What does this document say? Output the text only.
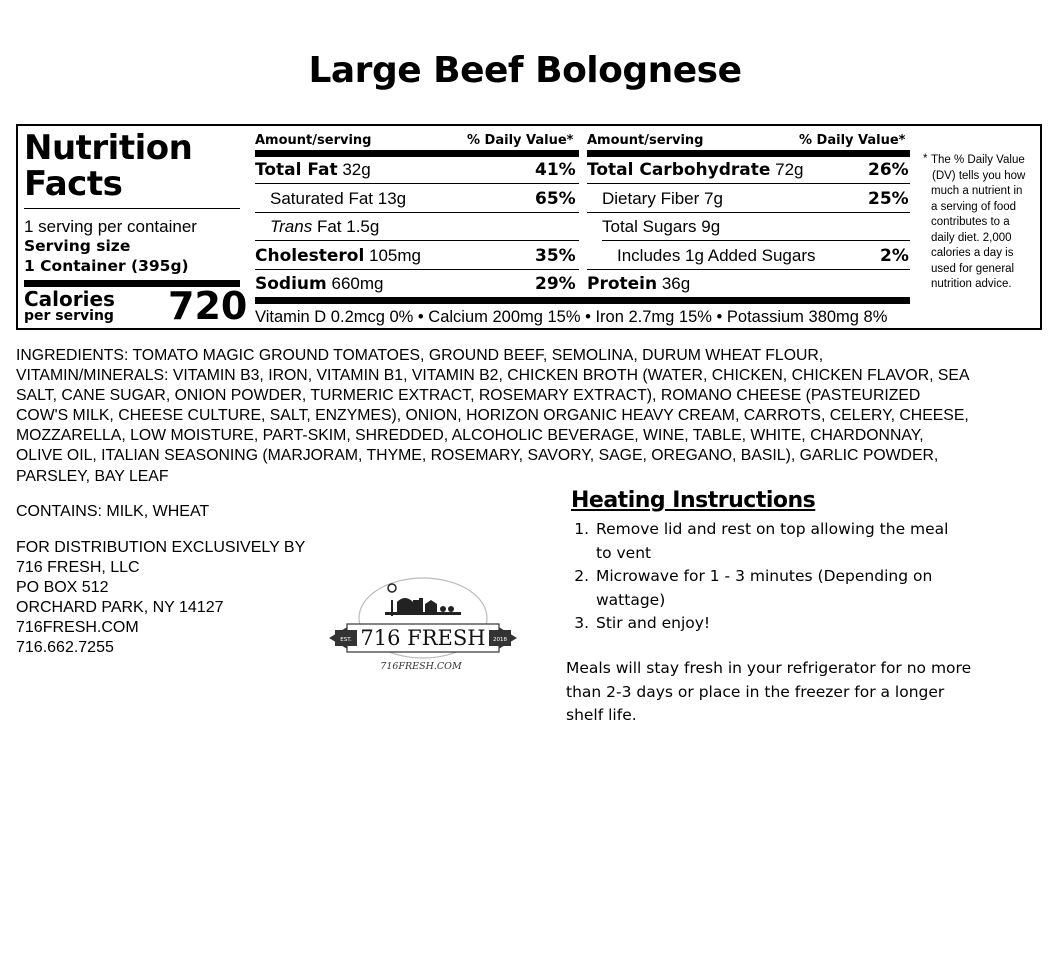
Large Beef Bolognese
Nutrition
Facts
1 serving per container
Serving size
1 Container (395g)
Calories
per serving 720
Amount/serving	% Daily Value*
Total Fat 32g	41%
Saturated Fat 13g	65%
Trans Fat 1.5g
Cholesterol 105mg	35%
Sodium 660mg	29%
Amount/serving	% Daily Value*
Total Carbohydrate 72g	26%
Dietary Fiber 7g	25%
Total Sugars 9g
Includes 1g Added Sugars	2%
Protein 36g
Vitamin D 0.2mcg 0% • Calcium 200mg 15% • Iron 2.7mg 15% • Potassium 380mg 8%
* The % Daily Value
(DV) tells you how
much a nutrient in
a serving of food
contributes to a
daily diet. 2,000
calories a day is
used for general
nutrition advice.
INGREDIENTS: TOMATO MAGIC GROUND TOMATOES, GROUND BEEF, SEMOLINA, DURUM WHEAT FLOUR,
VITAMIN/MINERALS: VITAMIN B3, IRON, VITAMIN B1, VITAMIN B2, CHICKEN BROTH (WATER, CHICKEN, CHICKEN FLAVOR, SEA
SALT, CANE SUGAR, ONION POWDER, TURMERIC EXTRACT, ROSEMARY EXTRACT), ROMANO CHEESE (PASTEURIZED
COW'S MILK, CHEESE CULTURE, SALT, ENZYMES), ONION, HORIZON ORGANIC HEAVY CREAM, CARROTS, CELERY, CHEESE,
MOZZARELLA, LOW MOISTURE, PART-SKIM, SHREDDED, ALCOHOLIC BEVERAGE, WINE, TABLE, WHITE, CHARDONNAY,
OLIVE OIL, ITALIAN SEASONING (MARJORAM, THYME, ROSEMARY, SAVORY, SAGE, OREGANO, BASIL), GARLIC POWDER,
PARSLEY, BAY LEAF
CONTAINS: MILK, WHEAT
FOR DISTRIBUTION EXCLUSIVELY BY
716 FRESH, LLC
PO BOX 512
ORCHARD PARK, NY 14127
716FRESH.COM
716.662.7255	EST.	2018
716 FRESH
716FRESH.COM
Heating Instructions
1. Remove lid and rest on top allowing the meal to vent
2. Microwave for 1 - 3 minutes (Depending on wattage)
3. Stir and enjoy!
Meals will stay fresh in your refrigerator for no more than 2-3 days or place in the freezer for a longer shelf life.
